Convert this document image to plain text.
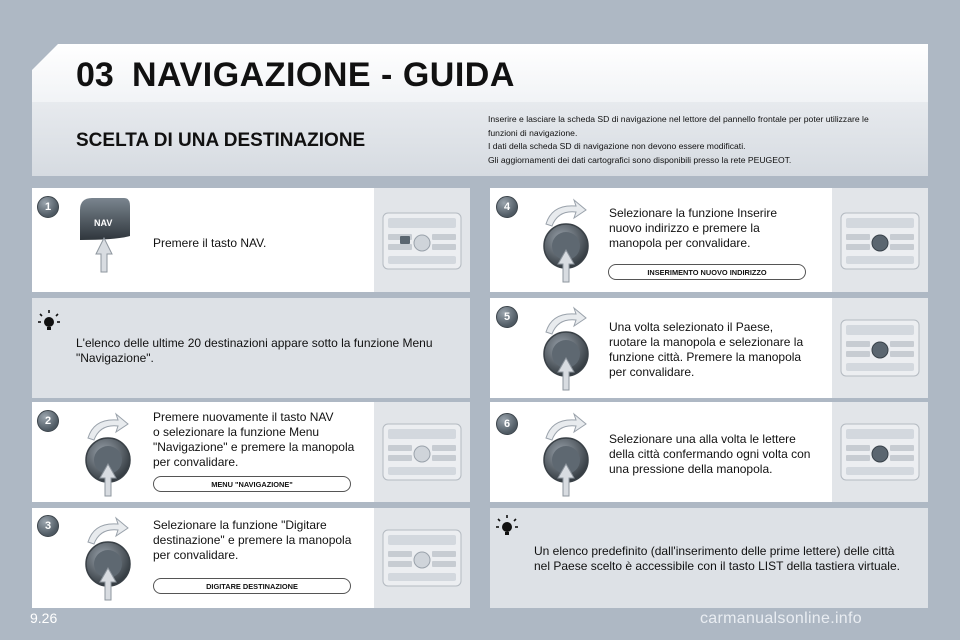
03 NAVIGAZIONE - GUIDA
SCELTA DI UNA DESTINAZIONE
Inserire e lasciare la scheda SD di navigazione nel lettore del pannello frontale per poter utilizzare le
funzioni di navigazione.
I dati della scheda SD di navigazione non devono essere modificati.
Gli aggiornamenti dei dati cartografici sono disponibili presso la rete PEUGEOT.
1
NAV
Premere il tasto NAV.
L'elenco delle ultime 20 destinazioni appare sotto la funzione Menu
"Navigazione".
2	Premere nuovamente il tasto NAV
o selezionare la funzione Menu
"Navigazione" e premere la manopola
per convalidare.
MENU "NAVIGAZIONE"
3	Selezionare la funzione "Digitare
destinazione" e premere la manopola
per convalidare.
DIGITARE DESTINAZIONE
4	Selezionare la funzione Inserire
nuovo indirizzo e premere la
manopola per convalidare.
INSERIMENTO NUOVO INDIRIZZO
5
Una volta selezionato il Paese,
ruotare la manopola e selezionare la
funzione città. Premere la manopola
per convalidare.
6
Selezionare una alla volta le lettere
della città confermando ogni volta con
una pressione della manopola.
Un elenco predefinito (dall'inserimento delle prime lettere) delle città
nel Paese scelto è accessibile con il tasto LIST della tastiera virtuale.
9.26	carmanualsonline.info
